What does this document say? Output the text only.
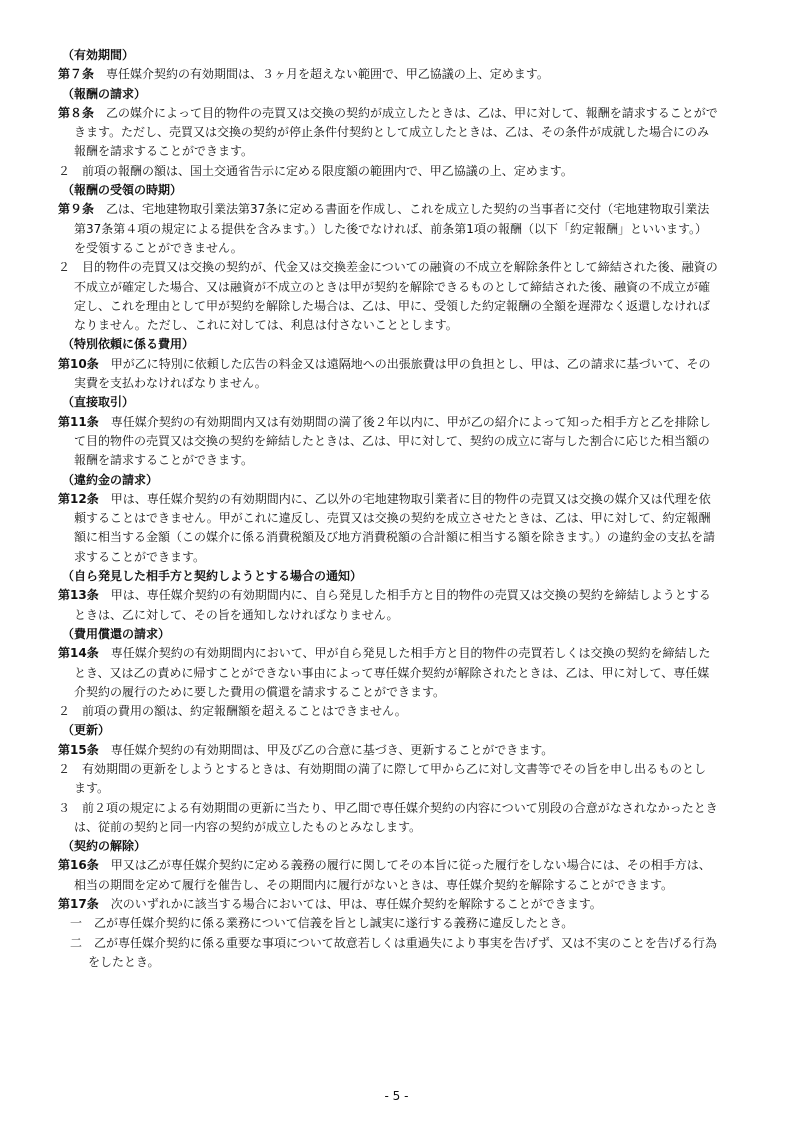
（有効期間）
第７条　専任媒介契約の有効期間は、３ヶ月を超えない範囲で、甲乙協議の上、定めます。
（報酬の請求）
第８条　乙の媒介によって目的物件の売買又は交換の契約が成立したときは、乙は、甲に対して、報酬を請求することができます。ただし、売買又は交換の契約が停止条件付契約として成立したときは、乙は、その条件が成就した場合にのみ報酬を請求することができます。
２　前項の報酬の額は、国土交通省告示に定める限度額の範囲内で、甲乙協議の上、定めます。
（報酬の受領の時期）
第９条　乙は、宅地建物取引業法第37条に定める書面を作成し、これを成立した契約の当事者に交付（宅地建物取引業法第37条第４項の規定による提供を含みます。）した後でなければ、前条第1項の報酬（以下「約定報酬」といいます。）を受領することができません。
２　目的物件の売買又は交換の契約が、代金又は交換差金についての融資の不成立を解除条件として締結された後、融資の不成立が確定した場合、又は融資が不成立のときは甲が契約を解除できるものとして締結された後、融資の不成立が確定し、これを理由として甲が契約を解除した場合は、乙は、甲に、受領した約定報酬の全額を遅滞なく返還しなければなりません。ただし、これに対しては、利息は付さないこととします。
（特別依頼に係る費用）
第10条　甲が乙に特別に依頼した広告の料金又は遠隔地への出張旅費は甲の負担とし、甲は、乙の請求に基づいて、その実費を支払わなければなりません。
（直接取引）
第11条　専任媒介契約の有効期間内又は有効期間の満了後２年以内に、甲が乙の紹介によって知った相手方と乙を排除して目的物件の売買又は交換の契約を締結したときは、乙は、甲に対して、契約の成立に寄与した割合に応じた相当額の報酬を請求することができます。
（違約金の請求）
第12条　甲は、専任媒介契約の有効期間内に、乙以外の宅地建物取引業者に目的物件の売買又は交換の媒介又は代理を依頼することはできません。甲がこれに違反し、売買又は交換の契約を成立させたときは、乙は、甲に対して、約定報酬額に相当する金額（この媒介に係る消費税額及び地方消費税額の合計額に相当する額を除きます。）の違約金の支払を請求することができます。
（自ら発見した相手方と契約しようとする場合の通知）
第13条　甲は、専任媒介契約の有効期間内に、自ら発見した相手方と目的物件の売買又は交換の契約を締結しようとするときは、乙に対して、その旨を通知しなければなりません。
（費用償還の請求）
第14条　専任媒介契約の有効期間内において、甲が自ら発見した相手方と目的物件の売買若しくは交換の契約を締結したとき、又は乙の責めに帰すことができない事由によって専任媒介契約が解除されたときは、乙は、甲に対して、専任媒介契約の履行のために要した費用の償還を請求することができます。
２　前項の費用の額は、約定報酬額を超えることはできません。
（更新）
第15条　専任媒介契約の有効期間は、甲及び乙の合意に基づき、更新することができます。
２　有効期間の更新をしようとするときは、有効期間の満了に際して甲から乙に対し文書等でその旨を申し出るものとします。
３　前２項の規定による有効期間の更新に当たり、甲乙間で専任媒介契約の内容について別段の合意がなされなかったときは、従前の契約と同一内容の契約が成立したものとみなします。
（契約の解除）
第16条　甲又は乙が専任媒介契約に定める義務の履行に関してその本旨に従った履行をしない場合には、その相手方は、相当の期間を定めて履行を催告し、その期間内に履行がないときは、専任媒介契約を解除することができます。
第17条　次のいずれかに該当する場合においては、甲は、専任媒介契約を解除することができます。
一　乙が専任媒介契約に係る業務について信義を旨とし誠実に遂行する義務に違反したとき。
二　乙が専任媒介契約に係る重要な事項について故意若しくは重過失により事実を告げず、又は不実のことを告げる行為をしたとき。
- 5 -
